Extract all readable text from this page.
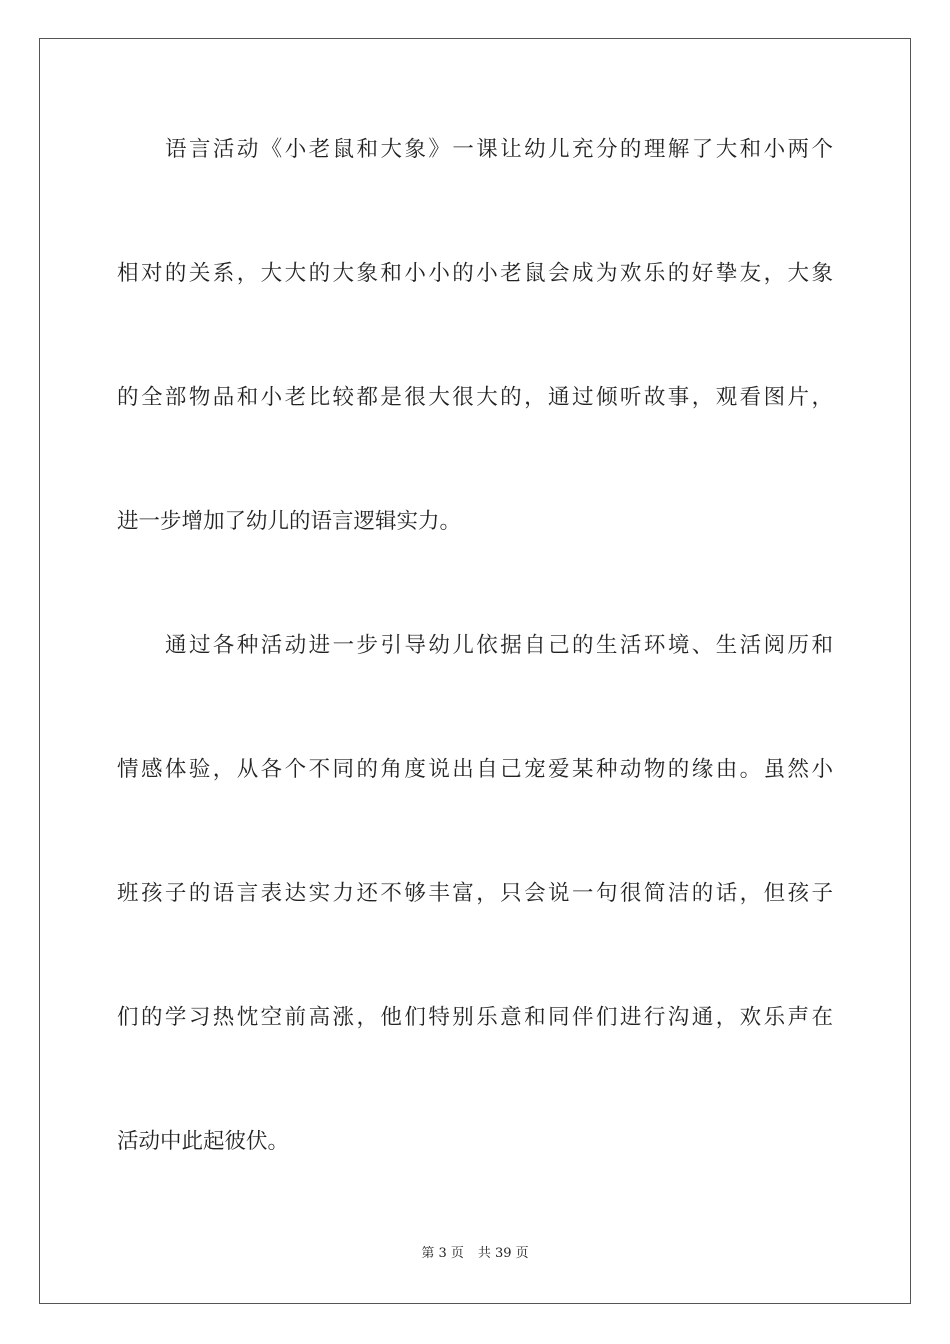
语言活动《小老鼠和大象》一课让幼儿充分的理解了大和小两个
相对的关系，大大的大象和小小的小老鼠会成为欢乐的好挚友，大象
的全部物品和小老比较都是很大很大的，通过倾听故事，观看图片，
进一步增加了幼儿的语言逻辑实力。
通过各种活动进一步引导幼儿依据自己的生活环境、生活阅历和
情感体验，从各个不同的角度说出自己宠爱某种动物的缘由。虽然小
班孩子的语言表达实力还不够丰富，只会说一句很简洁的话，但孩子
们的学习热忱空前高涨，他们特别乐意和同伴们进行沟通，欢乐声在
活动中此起彼伏。
第 3 页 共 39 页
